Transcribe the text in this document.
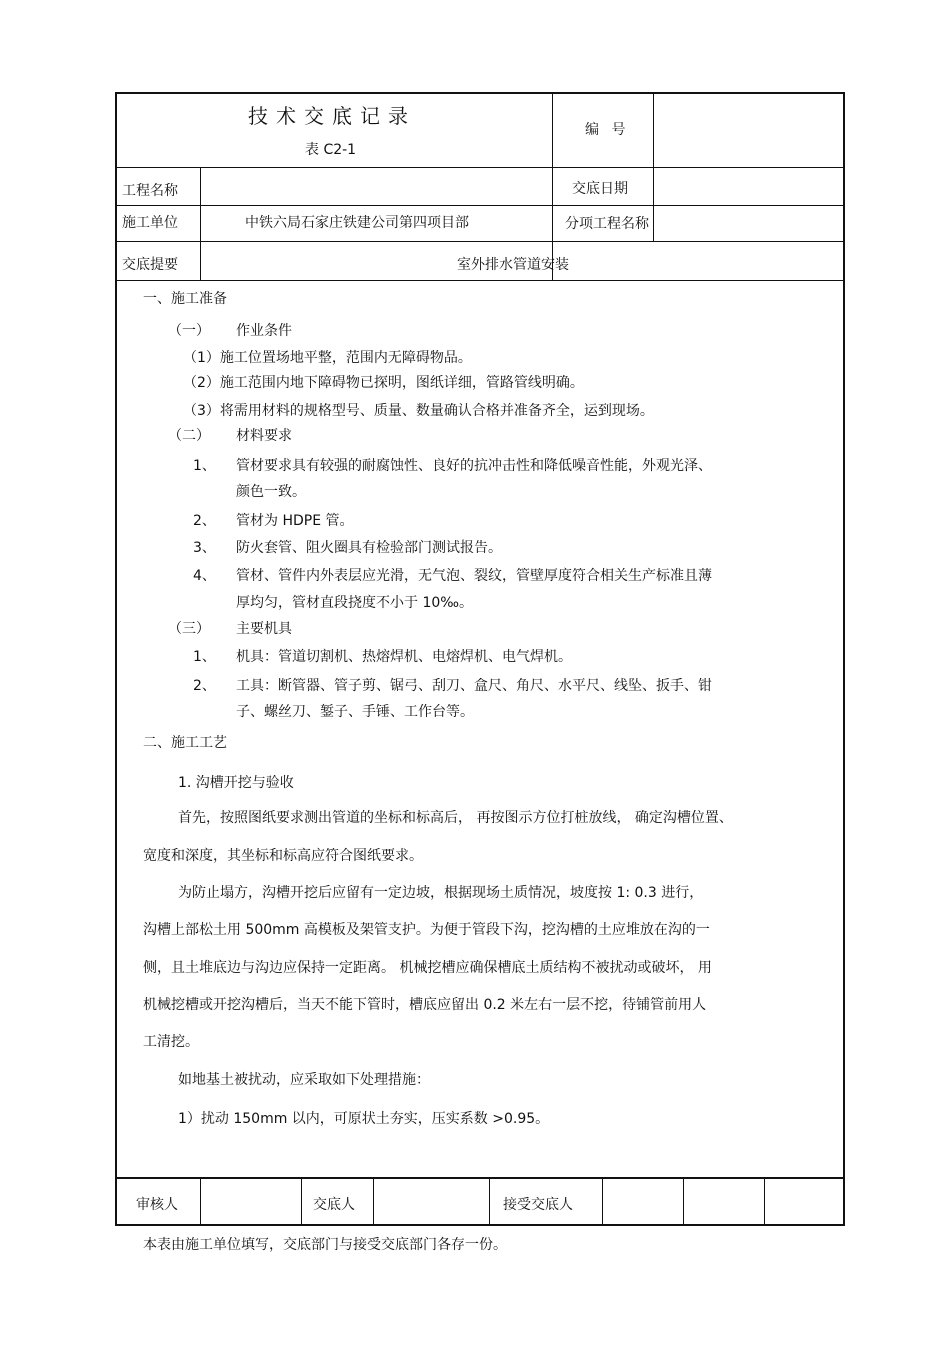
技术交底记录
表 C2-1
编 号
工程名称	交底日期
施工单位	中铁六局石家庄铁建公司第四项目部	分项工程名称
交底提要	室外排水管道安装
一、施工准备
（一） 作业条件
（1）施工位置场地平整，范围内无障碍物品。
（2）施工范围内地下障碍物已探明，图纸详细，管路管线明确。
（3）将需用材料的规格型号、质量、数量确认合格并准备齐全，运到现场。
（二） 材料要求
1、 管材要求具有较强的耐腐蚀性、良好的抗冲击性和降低噪音性能，外观光泽、
颜色一致。
2、 管材为 HDPE 管。
3、 防火套管、阻火圈具有检验部门测试报告。
4、 管材、管件内外表层应光滑，无气泡、裂纹，管壁厚度符合相关生产标准且薄
厚均匀，管材直段挠度不小于 10‰。
（三） 主要机具
1、 机具：管道切割机、热熔焊机、电熔焊机、电气焊机。
2、 工具：断管器、管子剪、锯弓、刮刀、盒尺、角尺、水平尺、线坠、扳手、钳
子、螺丝刀、錾子、手锤、工作台等。
二、施工工艺
1. 沟槽开挖与验收
首先，按照图纸要求测出管道的坐标和标高后， 再按图示方位打桩放线， 确定沟槽位置、
宽度和深度，其坐标和标高应符合图纸要求。
为防止塌方，沟槽开挖后应留有一定边坡，根据现场土质情况，坡度按 1: 0.3 进行，
沟槽上部松土用 500mm 高模板及架管支护。为便于管段下沟，挖沟槽的土应堆放在沟的一
侧，且土堆底边与沟边应保持一定距离。 机械挖槽应确保槽底土质结构不被扰动或破坏， 用
机械挖槽或开挖沟槽后，当天不能下管时，槽底应留出 0.2 米左右一层不挖，待铺管前用人
工清挖。
如地基土被扰动，应采取如下处理措施：
1）扰动 150mm 以内，可原状土夯实，压实系数 >0.95。
审核人	交底人	接受交底人
本表由施工单位填写，交底部门与接受交底部门各存一份。
